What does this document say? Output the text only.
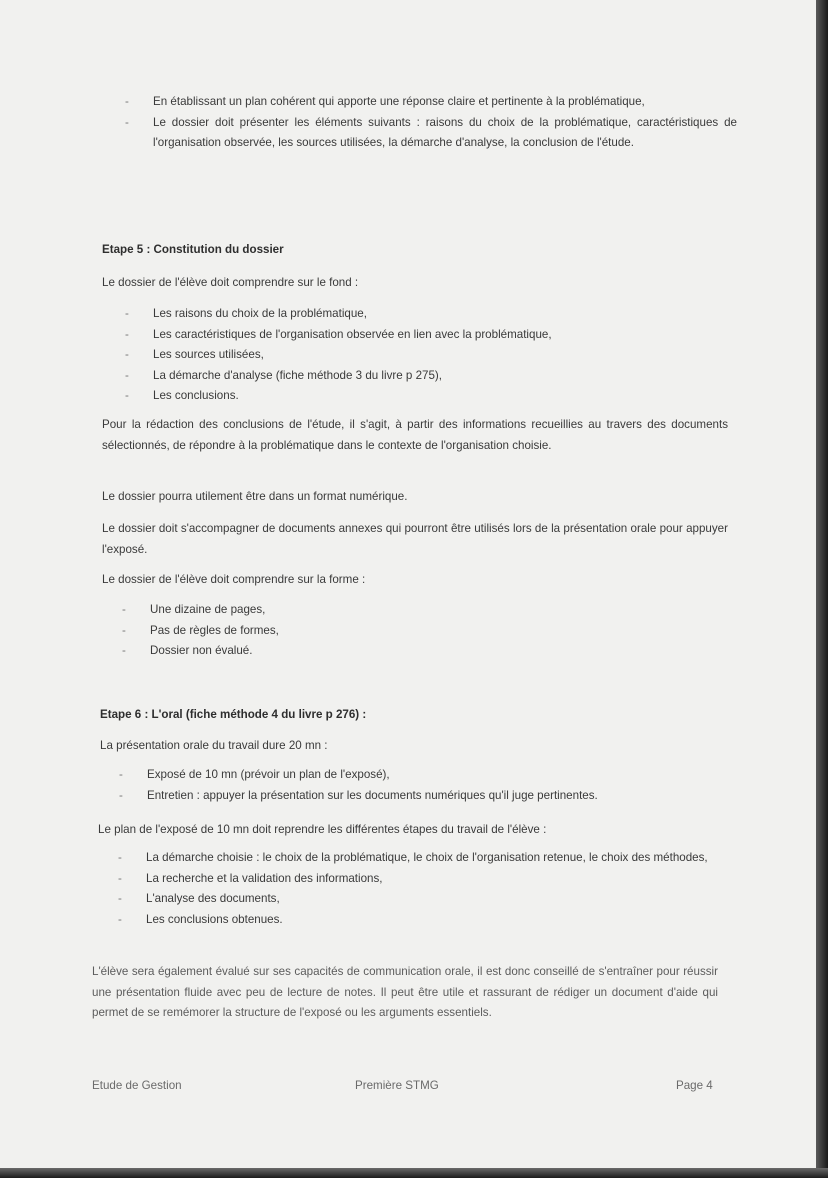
- En établissant un plan cohérent qui apporte une réponse claire et pertinente à la problématique,
- Le dossier doit présenter les éléments suivants : raisons du choix de la problématique, caractéristiques de l'organisation observée, les sources utilisées, la démarche d'analyse, la conclusion de l'étude.
Etape 5 : Constitution du dossier
Le dossier de l'élève doit comprendre sur le fond :
- Les raisons du choix de la problématique,
- Les caractéristiques de l'organisation observée en lien avec la problématique,
- Les sources utilisées,
- La démarche d'analyse (fiche méthode 3 du livre p 275),
- Les conclusions.
Pour la rédaction des conclusions de l'étude, il s'agit, à partir des informations recueillies au travers des documents sélectionnés, de répondre à la problématique dans le contexte de l'organisation choisie.
Le dossier pourra utilement être dans un format numérique.
Le dossier doit s'accompagner de documents annexes qui pourront être utilisés lors de la présentation orale pour appuyer l'exposé.
Le dossier de l'élève doit comprendre sur la forme :
- Une dizaine de pages,
- Pas de règles de formes,
- Dossier non évalué.
Etape 6 : L'oral (fiche méthode 4 du livre p 276) :
La présentation orale du travail dure 20 mn :
- Exposé de 10 mn (prévoir un plan de l'exposé),
- Entretien : appuyer la présentation sur les documents numériques qu'il juge pertinentes.
Le plan de l'exposé de 10 mn doit reprendre les différentes étapes du travail de l'élève :
- La démarche choisie : le choix de la problématique, le choix de l'organisation retenue, le choix des méthodes,
- La recherche et la validation des informations,
- L'analyse des documents,
- Les conclusions obtenues.
L'élève sera également évalué sur ses capacités de communication orale, il est donc conseillé de s'entraîner pour réussir une présentation fluide avec peu de lecture de notes. Il peut être utile et rassurant de rédiger un document d'aide qui permet de se remémorer la structure de l'exposé ou les arguments essentiels.
Etude de Gestion	Première STMG	Page 4
